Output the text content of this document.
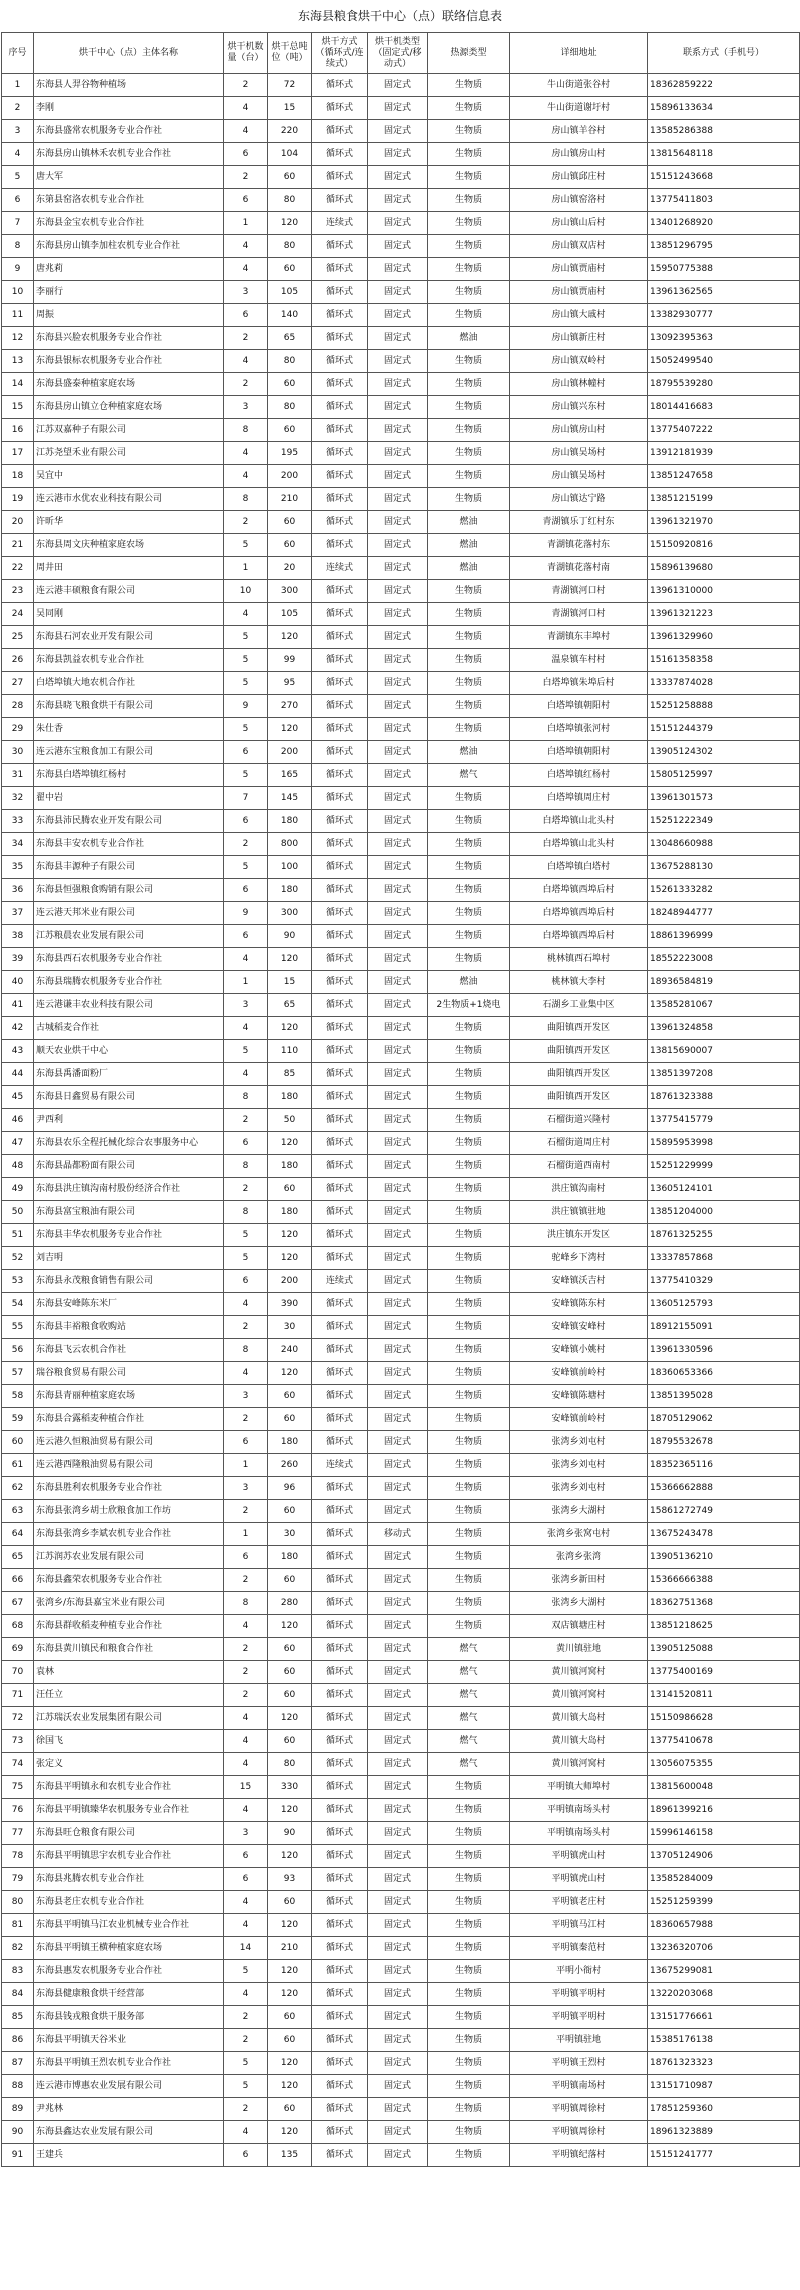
东海县粮食烘干中心（点）联络信息表
序号	烘干中心（点）主体名称	烘干机数量（台）	烘干总吨位（吨）	烘干方式（循环式/连续式）	烘干机类型（固定式/移动式）	热源类型	详细地址	联系方式（手机号）
1	东海县人羿谷物种植场	2	72	循环式	固定式	生物质	牛山街道张谷村	18362859222
2	李刚	4	15	循环式	固定式	生物质	牛山街道谢圩村	15896133634
3	东海县盛常农机服务专业合作社	4	220	循环式	固定式	生物质	房山镇羊谷村	13585286388
4	东海县房山镇林禾农机专业合作社	6	104	循环式	固定式	生物质	房山镇房山村	13815648118
5	唐大军	2	60	循环式	固定式	生物质	房山镇邱庄村	15151243668
6	东第县窑洛农机专业合作社	6	80	循环式	固定式	生物质	房山镇窑洛村	13775411803
7	东海县金宝农机专业合作社	1	120	连续式	固定式	生物质	房山镇山后村	13401268920
8	东海县房山镇李加柱农机专业合作社	4	80	循环式	固定式	生物质	房山镇双店村	13851296795
9	唐兆莉	4	60	循环式	固定式	生物质	房山镇贾庙村	15950775388
10	李丽行	3	105	循环式	固定式	生物质	房山镇贾庙村	13961362565
11	周振	6	140	循环式	固定式	生物质	房山镇大戚村	13382930777
12	东海县兴脸农机服务专业合作社	2	65	循环式	固定式	燃油	房山镇新庄村	13092395363
13	东海县银标农机服务专业合作社	4	80	循环式	固定式	生物质	房山镇双岭村	15052499540
14	东海县盛泰种植家庭农场	2	60	循环式	固定式	生物质	房山镇林幢村	18795539280
15	东海县房山镇立仓种植家庭农场	3	80	循环式	固定式	生物质	房山镇兴东村	18014416683
16	江苏双嘉种子有限公司	8	60	循环式	固定式	生物质	房山镇房山村	13775407222
17	江苏尧望禾业有限公司	4	195	循环式	固定式	生物质	房山镇吴场村	13912181939
18	吴宜中	4	200	循环式	固定式	生物质	房山镇吴场村	13851247658
19	连云港市水优农业科技有限公司	8	210	循环式	固定式	生物质	房山镇达宁路	13851215199
20	许昕华	2	60	循环式	固定式	燃油	青湖镇乐丁红村东	13961321970
21	东海县周文庆种植家庭农场	5	60	循环式	固定式	燃油	青湖镇花落村东	15150920816
22	周井田	1	20	连续式	固定式	燃油	青湖镇花落村南	15896139680
23	连云港丰硕粮食有限公司	10	300	循环式	固定式	生物质	青湖镇河口村	13961310000
24	吴同刚	4	105	循环式	固定式	生物质	青湖镇河口村	13961321223
25	东海县石河农业开发有限公司	5	120	循环式	固定式	生物质	青湖镇东丰埠村	13961329960
26	东海县凯益农机专业合作社	5	99	循环式	固定式	生物质	温泉镇车村村	15161358358
27	白塔埠镇大地农机合作社	5	95	循环式	固定式	生物质	白塔埠镇朱埠后村	13337874028
28	东海县晓飞粮食烘干有限公司	9	270	循环式	固定式	生物质	白塔埠镇朝阳村	15251258888
29	朱仕香	5	120	循环式	固定式	生物质	白塔埠镇张河村	15151244379
30	连云港东宝粮食加工有限公司	6	200	循环式	固定式	燃油	白塔埠镇朝阳村	13905124302
31	东海县白塔埠镇红杨村	5	165	循环式	固定式	燃气	白塔埠镇红杨村	15805125997
32	翟中岩	7	145	循环式	固定式	生物质	白塔埠镇周庄村	13961301573
33	东海县沛民腾农业开发有限公司	6	180	循环式	固定式	生物质	白塔埠镇山北头村	15251222349
34	东海县丰安农机专业合作社	2	800	循环式	固定式	生物质	白塔埠镇山北头村	13048660988
35	东海县丰源种子有限公司	5	100	循环式	固定式	生物质	白塔埠镇白塔村	13675288130
36	东海县恒强粮食购销有限公司	6	180	循环式	固定式	生物质	白塔埠镇西埠后村	15261333282
37	连云港天邦米业有限公司	9	300	循环式	固定式	生物质	白塔埠镇西埠后村	18248944777
38	江苏粮晨农业发展有限公司	6	90	循环式	固定式	生物质	白塔埠镇西埠后村	18861396999
39	东海县西石农机服务专业合作社	4	120	循环式	固定式	生物质	桃林镇西石埠村	18552223008
40	东海县瑞腾农机服务专业合作社	1	15	循环式	固定式	燃油	桃林镇大李村	18936584819
41	连云港谦丰农业科技有限公司	3	65	循环式	固定式	2生物质+1烧电	石湖乡工业集中区	13585281067
42	古城稻麦合作社	4	120	循环式	固定式	生物质	曲阳镇西开发区	13961324858
43	顺天农业烘干中心	5	110	循环式	固定式	生物质	曲阳镇西开发区	13815690007
44	东海县禹潘面粉厂	4	85	循环式	固定式	生物质	曲阳镇西开发区	13851397208
45	东海县日鑫贸易有限公司	8	180	循环式	固定式	生物质	曲阳镇西开发区	18761323388
46	尹西利	2	50	循环式	固定式	生物质	石榴街道兴隆村	13775415779
47	东海县农乐全程托械化综合农事服务中心	6	120	循环式	固定式	生物质	石榴街道周庄村	15895953998
48	东海县晶都粉面有限公司	8	180	循环式	固定式	生物质	石榴街道西南村	15251229999
49	东海县洪庄镇沟南村股份经济合作社	2	60	循环式	固定式	生物质	洪庄镇沟南村	13605124101
50	东海县富宝粮油有限公司	8	180	循环式	固定式	生物质	洪庄镇镇驻地	13851204000
51	东海县丰华农机服务专业合作社	5	120	循环式	固定式	生物质	洪庄镇东开发区	18761325255
52	刘吉明	5	120	循环式	固定式	生物质	驼峰乡下湾村	13337857868
53	东海县永茂粮食销售有限公司	6	200	连续式	固定式	生物质	安峰镇沃吉村	13775410329
54	东海县安峰陈东米厂	4	390	循环式	固定式	生物质	安峰镇陈东村	13605125793
55	东海县丰裕粮食收购站	2	30	循环式	固定式	生物质	安峰镇安峰村	18912155091
56	东海县飞云农机合作社	8	240	循环式	固定式	生物质	安峰镇小姚村	13961330596
57	瑞谷粮食贸易有限公司	4	120	循环式	固定式	生物质	安峰镇前岭村	18360653366
58	东海县青丽种植家庭农场	3	60	循环式	固定式	生物质	安峰镇陈塘村	13851395028
59	东海县合露稻麦种植合作社	2	60	循环式	固定式	生物质	安峰镇前岭村	18705129062
60	连云港久恒粮油贸易有限公司	6	180	循环式	固定式	生物质	张湾乡刘屯村	18795532678
61	连云港西隆粮油贸易有限公司	1	260	连续式	固定式	生物质	张湾乡刘屯村	18352365116
62	东海县胜利农机服务专业合作社	3	96	循环式	固定式	生物质	张湾乡刘屯村	15366662888
63	东海县张湾乡胡士欣粮食加工作坊	2	60	循环式	固定式	生物质	张湾乡大湖村	15861272749
64	东海县张湾乡李斌农机专业合作社	1	30	循环式	移动式	生物质	张湾乡张窝屯村	13675243478
65	江苏润苏农业发展有限公司	6	180	循环式	固定式	生物质	张湾乡张湾	13905136210
66	东海县鑫荣农机服务专业合作社	2	60	循环式	固定式	生物质	张湾乡新田村	15366666388
67	张湾乡/东海县嘉宝米业有限公司	8	280	循环式	固定式	生物质	张湾乡大湖村	18362751368
68	东海县群收稻麦种植专业合作社	4	120	循环式	固定式	生物质	双店镇塘庄村	13851218625
69	东海县黄川镇民和粮食合作社	2	60	循环式	固定式	燃气	黄川镇驻地	13905125088
70	袁林	2	60	循环式	固定式	燃气	黄川镇河窝村	13775400169
71	汪任立	2	60	循环式	固定式	燃气	黄川镇河窝村	13141520811
72	江苏瑞沃农业发展集团有限公司	4	120	循环式	固定式	燃气	黄川镇大岛村	15150986628
73	徐国飞	4	60	循环式	固定式	燃气	黄川镇大岛村	13775410678
74	张定义	4	80	循环式	固定式	燃气	黄川镇河窝村	13056075355
75	东海县平明镇永和农机专业合作社	15	330	循环式	固定式	生物质	平明镇大师埠村	13815600048
76	东海县平明镇臻华农机服务专业合作社	4	120	循环式	固定式	生物质	平明镇南场头村	18961399216
77	东海县旺仓粮食有限公司	3	90	循环式	固定式	生物质	平明镇南场头村	15996146158
78	东海县平明镇思宇农机专业合作社	6	120	循环式	固定式	生物质	平明镇虎山村	13705124906
79	东海县兆腾农机专业合作社	6	93	循环式	固定式	生物质	平明镇虎山村	13585284009
80	东海县老庄农机专业合作社	4	60	循环式	固定式	生物质	平明镇老庄村	15251259399
81	东海县平明镇马江农业机械专业合作社	4	120	循环式	固定式	生物质	平明镇马江村	18360657988
82	东海县平明镇王横种植家庭农场	14	210	循环式	固定式	生物质	平明镇秦范村	13236320706
83	东海县惠发农机服务专业合作社	5	120	循环式	固定式	生物质	平明小衙村	13675299081
84	东海县健康粮食烘干经营部	4	120	循环式	固定式	生物质	平明镇平明村	13220203068
85	东海县钱戎粮食烘干服务部	2	60	循环式	固定式	生物质	平明镇平明村	13151776661
86	东海县平明镇天谷米业	2	60	循环式	固定式	生物质	平明镇驻地	15385176138
87	东海县平明镇王烈农机专业合作社	5	120	循环式	固定式	生物质	平明镇王烈村	18761323323
88	连云港市博惠农业发展有限公司	5	120	循环式	固定式	生物质	平明镇南场村	13151710987
89	尹兆林	2	60	循环式	固定式	生物质	平明镇周徐村	17851259360
90	东海县鑫达农业发展有限公司	4	120	循环式	固定式	生物质	平明镇周徐村	18961323889
91	王建兵	6	135	循环式	固定式	生物质	平明镇纪落村	15151241777
